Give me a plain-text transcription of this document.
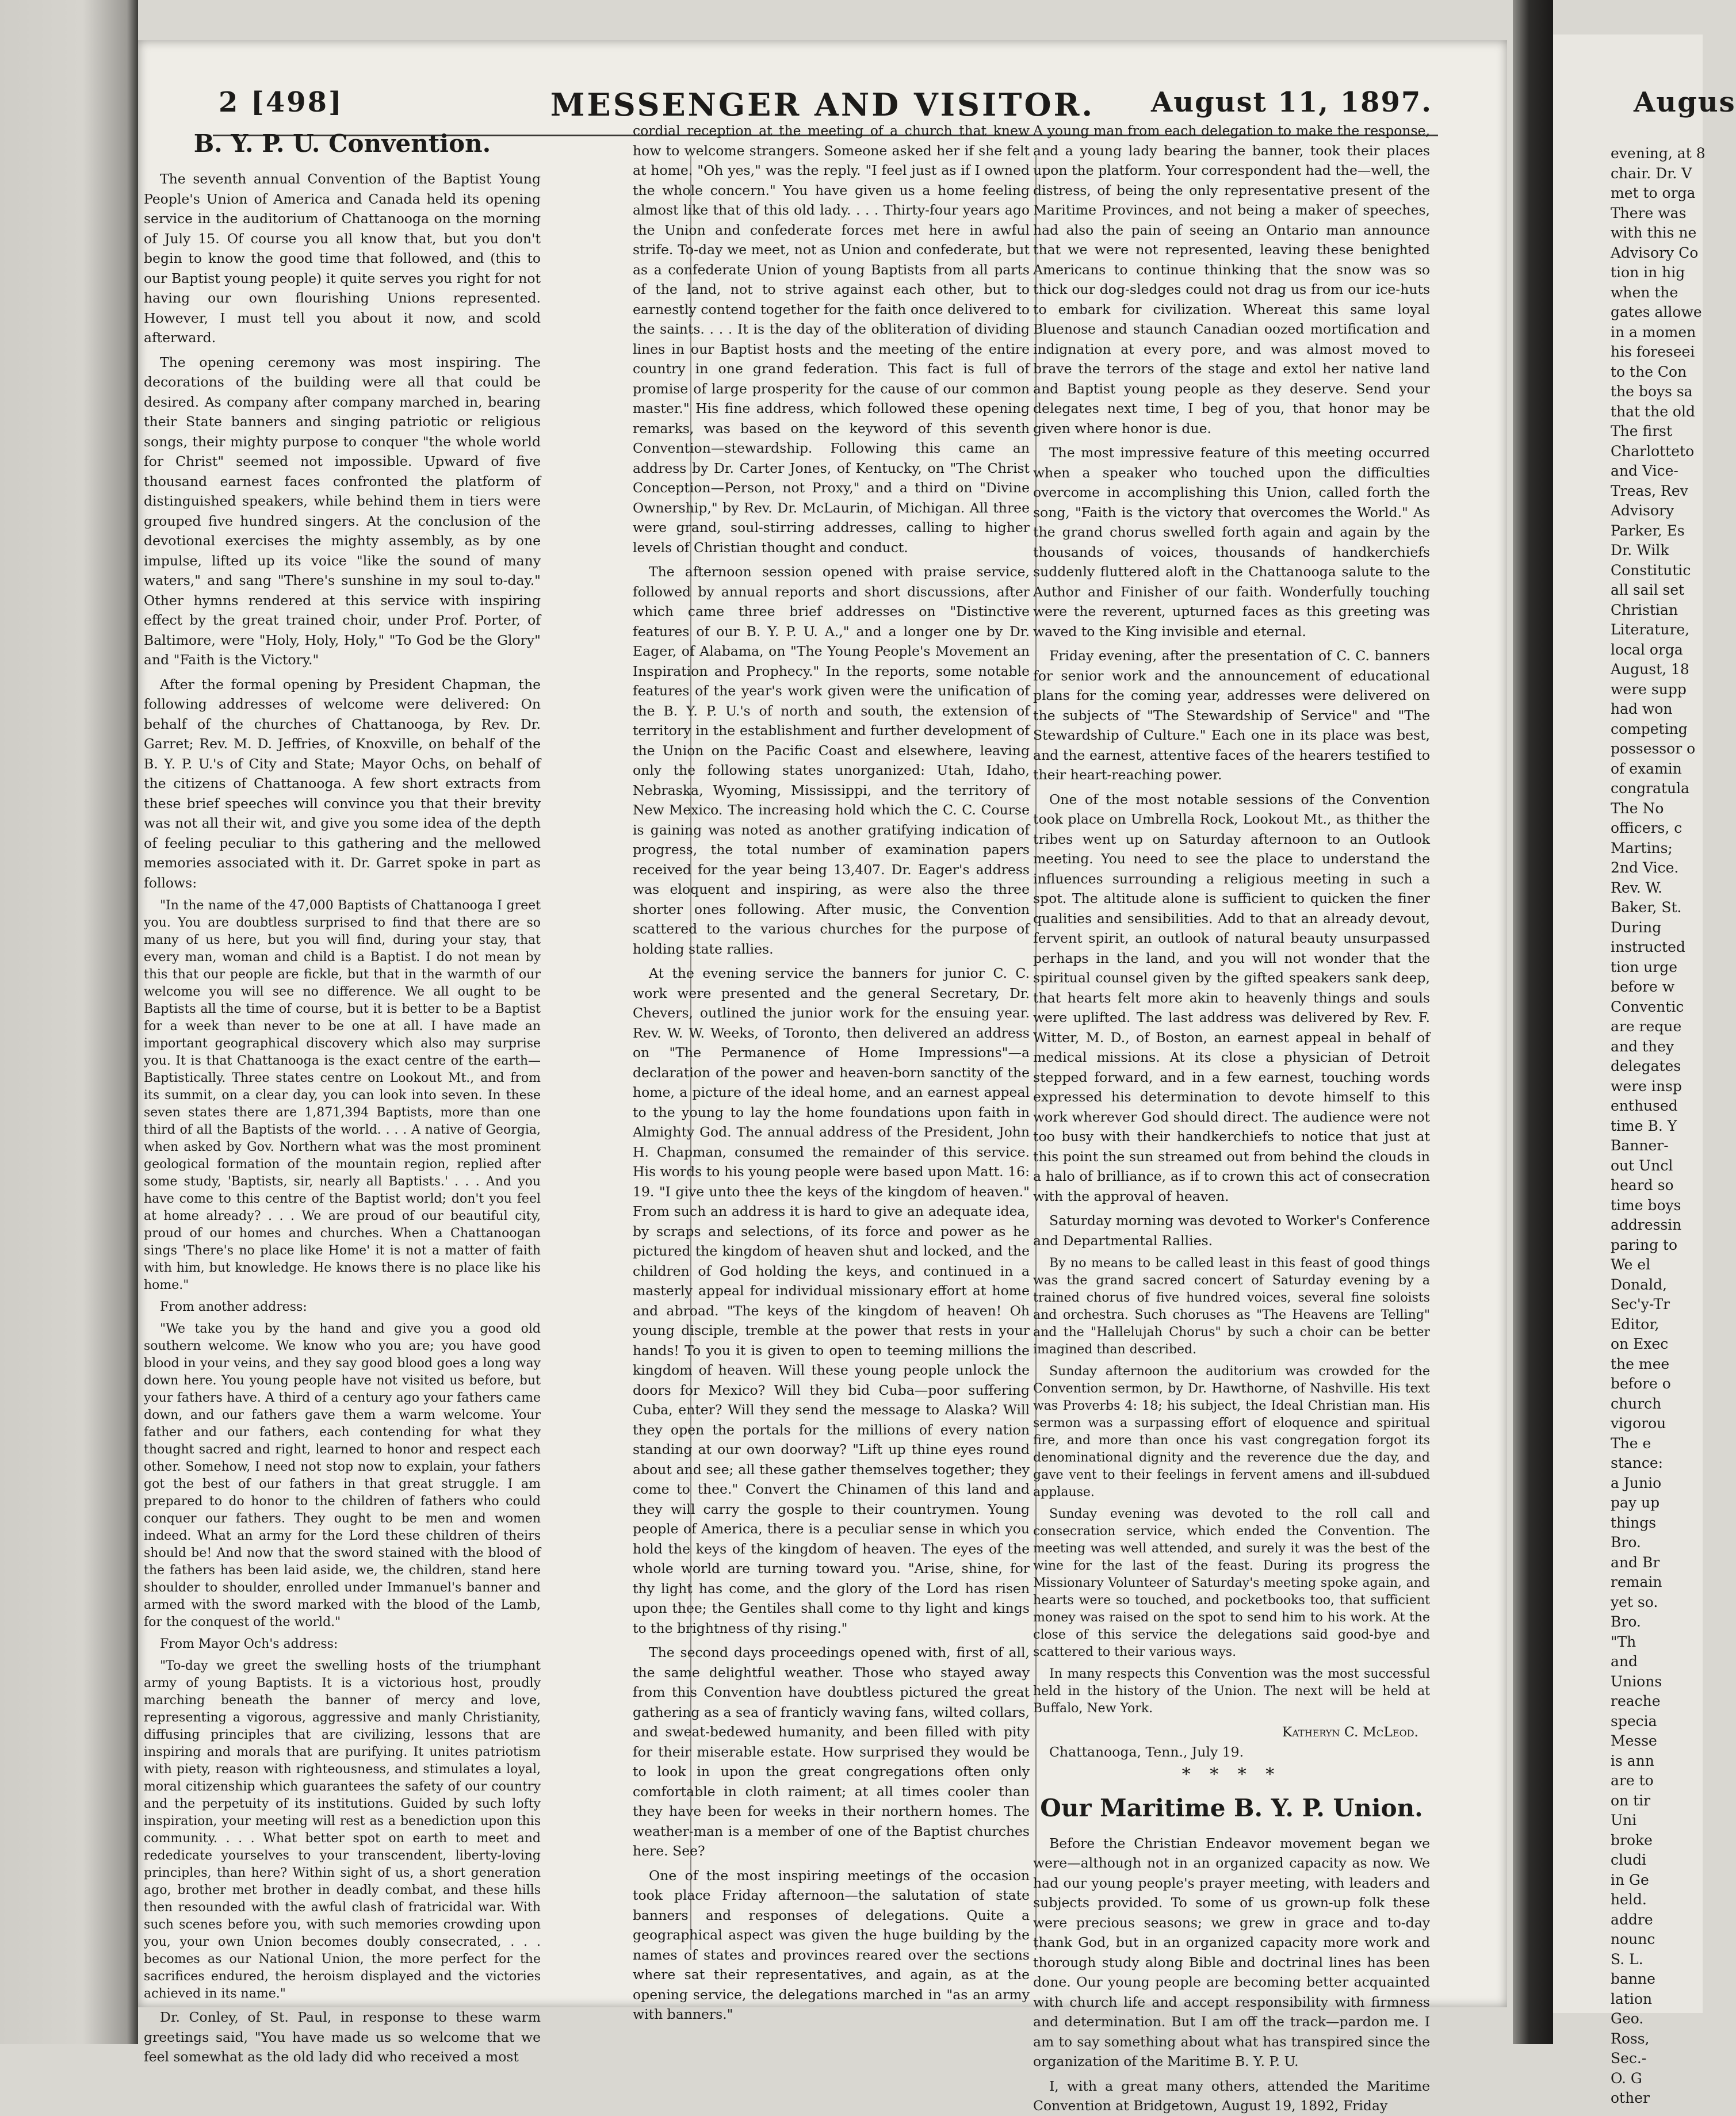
2 [498]	MESSENGER AND VISITOR.	August 11, 1897.
B. Y. P. U. Convention.

The seventh annual Convention of the Baptist Young People's Union of America and Canada held its opening service in the auditorium of Chattanooga on the morning of July 15. Of course you all know that, but you don't begin to know the good time that followed, and (this to our Baptist young people) it quite serves you right for not having our own flourishing Unions represented. However, I must tell you about it now, and scold afterward.

The opening ceremony was most inspiring. The decorations of the building were all that could be desired. As company after company marched in, bearing their State banners and singing patriotic or religious songs, their mighty purpose to conquer "the whole world for Christ" seemed not impossible. Upward of five thousand earnest faces confronted the platform of distinguished speakers, while behind them in tiers were grouped five hundred singers. At the conclusion of the devotional exercises the mighty assembly, as by one impulse, lifted up its voice "like the sound of many waters," and sang "There's sunshine in my soul to-day." Other hymns rendered at this service with inspiring effect by the great trained choir, under Prof. Porter, of Baltimore, were "Holy, Holy, Holy," "To God be the Glory" and "Faith is the Victory."

After the formal opening by President Chapman, the following addresses of welcome were delivered: On behalf of the churches of Chattanooga, by Rev. Dr. Garret; Rev. M. D. Jeffries, of Knoxville, on behalf of the B. Y. P. U.'s of City and State; Mayor Ochs, on behalf of the citizens of Chattanooga. A few short extracts from these brief speeches will convince you that their brevity was not all their wit, and give you some idea of the depth of feeling peculiar to this gathering and the mellowed memories associated with it. Dr. Garret spoke in part as follows:

"In the name of the 47,000 Baptists of Chattanooga I greet you. You are doubtless surprised to find that there are so many of us here, but you will find, during your stay, that every man, woman and child is a Baptist. I do not mean by this that our people are fickle, but that in the warmth of our welcome you will see no difference. We all ought to be Baptists all the time of course, but it is better to be a Baptist for a week than never to be one at all. I have made an important geographical discovery which also may surprise you. It is that Chattanooga is the exact centre of the earth—Baptistically. Three states centre on Lookout Mt., and from its summit, on a clear day, you can look into seven. In these seven states there are 1,871,394 Baptists, more than one third of all the Baptists of the world. . . . A native of Georgia, when asked by Gov. Northern what was the most prominent geological formation of the mountain region, replied after some study, 'Baptists, sir, nearly all Baptists.' . . . And you have come to this centre of the Baptist world; don't you feel at home already? . . . We are proud of our beautiful city, proud of our homes and churches. When a Chattanoogan sings 'There's no place like Home' it is not a matter of faith with him, but knowledge. He knows there is no place like his home."

From another address:

"We take you by the hand and give you a good old southern welcome. We know who you are; you have good blood in your veins, and they say good blood goes a long way down here. You young people have not visited us before, but your fathers have. A third of a century ago your fathers came down, and our fathers gave them a warm welcome. Your father and our fathers, each contending for what they thought sacred and right, learned to honor and respect each other. Somehow, I need not stop now to explain, your fathers got the best of our fathers in that great struggle. I am prepared to do honor to the children of fathers who could conquer our fathers. They ought to be men and women indeed. What an army for the Lord these children of theirs should be! And now that the sword stained with the blood of the fathers has been laid aside, we, the children, stand here shoulder to shoulder, enrolled under Immanuel's banner and armed with the sword marked with the blood of the Lamb, for the conquest of the world."

From Mayor Och's address:

"To-day we greet the swelling hosts of the triumphant army of young Baptists. It is a victorious host, proudly marching beneath the banner of mercy and love, representing a vigorous, aggressive and manly Christianity, diffusing principles that are civilizing, lessons that are inspiring and morals that are purifying. It unites patriotism with piety, reason with righteousness, and stimulates a loyal, moral citizenship which guarantees the safety of our country and the perpetuity of its institutions. Guided by such lofty inspiration, your meeting will rest as a benediction upon this community. . . . What better spot on earth to meet and rededicate yourselves to your transcendent, liberty-loving principles, than here? Within sight of us, a short generation ago, brother met brother in deadly combat, and these hills then resounded with the awful clash of fratricidal war. With such scenes before you, with such memories crowding upon you, your own Union becomes doubly consecrated, . . . becomes as our National Union, the more perfect for the sacrifices endured, the heroism displayed and the victories achieved in its name."

Dr. Conley, of St. Paul, in response to these warm greetings said, "You have made us so welcome that we feel somewhat as the old lady did who received a most

cordial reception at the meeting of a church that knew how to welcome strangers. Someone asked her if she felt at home. "Oh yes," was the reply. "I feel just as if I owned the whole concern." You have given us a home feeling almost like that of this old lady. . . . Thirty-four years ago the Union and confederate forces met here in awful strife. To-day we meet, not as Union and confederate, but as a confederate Union of young Baptists from all parts of the land, not to strive against each other, but to earnestly contend together for the faith once delivered to the saints. . . . It is the day of the obliteration of dividing lines in our Baptist hosts and the meeting of the entire country in one grand federation. This fact is full of promise of large prosperity for the cause of our common master." His fine address, which followed these opening remarks, was based on the keyword of this seventh Convention—stewardship. Following this came an address by Dr. Carter Jones, of Kentucky, on "The Christ Conception—Person, not Proxy," and a third on "Divine Ownership," by Rev. Dr. McLaurin, of Michigan. All three were grand, soul-stirring addresses, calling to higher levels of Christian thought and conduct.

The afternoon session opened with praise service, followed by annual reports and short discussions, after which came three brief addresses on "Distinctive features of our B. Y. P. U. A.," and a longer one by Dr. Eager, of Alabama, on "The Young People's Movement an Inspiration and Prophecy." In the reports, some notable features of the year's work given were the unification of the B. Y. P. U.'s of north and south, the extension of territory in the establishment and further development of the Union on the Pacific Coast and elsewhere, leaving only the following states unorganized: Utah, Idaho, Nebraska, Wyoming, Mississippi, and the territory of New Mexico. The increasing hold which the C. C. Course is gaining was noted as another gratifying indication of progress, the total number of examination papers received for the year being 13,407. Dr. Eager's address was eloquent and inspiring, as were also the three shorter ones following. After music, the Convention scattered to the various churches for the purpose of holding state rallies.

At the evening service the banners for junior C. C. work were presented and the general Secretary, Dr. Chevers, outlined the junior work for the ensuing year. Rev. W. W. Weeks, of Toronto, then delivered an address on "The Permanence of Home Impressions"—a declaration of the power and heaven-born sanctity of the home, a picture of the ideal home, and an earnest appeal to the young to lay the home foundations upon faith in Almighty God. The annual address of the President, John H. Chapman, consumed the remainder of this service. His words to his young people were based upon Matt. 16: 19. "I give unto thee the keys of the kingdom of heaven." From such an address it is hard to give an adequate idea, by scraps and selections, of its force and power as he pictured the kingdom of heaven shut and locked, and the children of God holding the keys, and continued in a masterly appeal for individual missionary effort at home and abroad. "The keys of the kingdom of heaven! Oh young disciple, tremble at the power that rests in your hands! To you it is given to open to teeming millions the kingdom of heaven. Will these young people unlock the doors for Mexico? Will they bid Cuba—poor suffering Cuba, enter? Will they send the message to Alaska? Will they open the portals for the millions of every nation standing at our own doorway? "Lift up thine eyes round about and see; all these gather themselves together; they come to thee." Convert the Chinamen of this land and they will carry the gosple to their countrymen. Young people of America, there is a peculiar sense in which you hold the keys of the kingdom of heaven. The eyes of the whole world are turning toward you. "Arise, shine, for thy light has come, and the glory of the Lord has risen upon thee; the Gentiles shall come to thy light and kings to the brightness of thy rising."

The second days proceedings opened with, first of all, the same delightful weather. Those who stayed away from this Convention have doubtless pictured the great gathering as a sea of franticly waving fans, wilted collars, and sweat-bedewed humanity, and been filled with pity for their miserable estate. How surprised they would be to look in upon the great congregations often only comfortable in cloth raiment; at all times cooler than they have been for weeks in their northern homes. The weather-man is a member of one of the Baptist churches here. See?

One of the most inspiring meetings of the occasion took place Friday afternoon—the salutation of state banners and responses of delegations. Quite a geographical aspect was given the huge building by the names of states and provinces reared over the sections where sat their representatives, and again, as at the opening service, the delegations marched in "as an army with banners."

A young man from each delegation to make the response, and a young lady bearing the banner, took their places upon the platform. Your correspondent had the—well, the distress, of being the only representative present of the Maritime Provinces, and not being a maker of speeches, had also the pain of seeing an Ontario man announce that we were not represented, leaving these benighted Americans to continue thinking that the snow was so thick our dog-sledges could not drag us from our ice-huts to embark for civilization. Whereat this same loyal Bluenose and staunch Canadian oozed mortification and indignation at every pore, and was almost moved to brave the terrors of the stage and extol her native land and Baptist young people as they deserve. Send your delegates next time, I beg of you, that honor may be given where honor is due.

The most impressive feature of this meeting occurred when a speaker who touched upon the difficulties overcome in accomplishing this Union, called forth the song, "Faith is the victory that overcomes the World." As the grand chorus swelled forth again and again by the thousands of voices, thousands of handkerchiefs suddenly fluttered aloft in the Chattanooga salute to the Author and Finisher of our faith. Wonderfully touching were the reverent, upturned faces as this greeting was waved to the King invisible and eternal.

Friday evening, after the presentation of C. C. banners for senior work and the announcement of educational plans for the coming year, addresses were delivered on the subjects of "The Stewardship of Service" and "The Stewardship of Culture." Each one in its place was best, and the earnest, attentive faces of the hearers testified to their heart-reaching power.

One of the most notable sessions of the Convention took place on Umbrella Rock, Lookout Mt., as thither the tribes went up on Saturday afternoon to an Outlook meeting. You need to see the place to understand the influences surrounding a religious meeting in such a spot. The altitude alone is sufficient to quicken the finer qualities and sensibilities. Add to that an already devout, fervent spirit, an outlook of natural beauty unsurpassed perhaps in the land, and you will not wonder that the spiritual counsel given by the gifted speakers sank deep, that hearts felt more akin to heavenly things and souls were uplifted. The last address was delivered by Rev. F. Witter, M. D., of Boston, an earnest appeal in behalf of medical missions. At its close a physician of Detroit stepped forward, and in a few earnest, touching words expressed his determination to devote himself to this work wherever God should direct. The audience were not too busy with their handkerchiefs to notice that just at this point the sun streamed out from behind the clouds in a halo of brilliance, as if to crown this act of consecration with the approval of heaven.

Saturday morning was devoted to Worker's Conference and Departmental Rallies.

By no means to be called least in this feast of good things was the grand sacred concert of Saturday evening by a trained chorus of five hundred voices, several fine soloists and orchestra. Such choruses as "The Heavens are Telling" and the "Hallelujah Chorus" by such a choir can be better imagined than described.

Sunday afternoon the auditorium was crowded for the Convention sermon, by Dr. Hawthorne, of Nashville. His text was Proverbs 4: 18; his subject, the Ideal Christian man. His sermon was a surpassing effort of eloquence and spiritual fire, and more than once his vast congregation forgot its denominational dignity and the reverence due the day, and gave vent to their feelings in fervent amens and ill-subdued applause.

Sunday evening was devoted to the roll call and consecration service, which ended the Convention. The meeting was well attended, and surely it was the best of the wine for the last of the feast. During its progress the Missionary Volunteer of Saturday's meeting spoke again, and hearts were so touched, and pocketbooks too, that sufficient money was raised on the spot to send him to his work. At the close of this service the delegations said good-bye and scattered to their various ways.

In many respects this Convention was the most successful held in the history of the Union. The next will be held at Buffalo, New York.

Katheryn C. McLeod.
Chattanooga, Tenn., July 19.
* * * *
Our Maritime B. Y. P. Union.

Before the Christian Endeavor movement began we were—although not in an organized capacity as now. We had our young people's prayer meeting, with leaders and subjects provided. To some of us grown-up folk these were precious seasons; we grew in grace and to-day thank God, but in an organized capacity more work and thorough study along Bible and doctrinal lines has been done. Our young people are becoming better acquainted with church life and accept responsibility with firmness and determination. But I am off the track—pardon me. I am to say something about what has transpired since the organization of the Maritime B. Y. P. U.

I, with a great many others, attended the Maritime Convention at Bridgetown, August 19, 1892, Friday

Augus
evening, at 8
chair. Dr. V
met to orga
There was
with this ne
Advisory Co
tion in hig
when the
gates allowe
in a momen
his foreseei
to the Con
the boys sa
that the old
The first
Charlotteto
and Vice-
Treas, Rev
Advisory
Parker, Es
Dr. Wilk
Constitutic
all sail set
Christian
Literature,
local orga
August, 18
were supp
had won
competing
possessor o
of examin
congratula
The No
officers, c
Martins;
2nd Vice.
Rev. W.
Baker, St.
During
instructed
tion urge
before w
Conventic
are reque
and they
delegates
were insp
enthused
time B. Y
Banner-
out Uncl
heard so
time boys
addressin
paring to
We el
Donald,
Sec'y-Tr
Editor,
on Exec
the mee
before o
church
vigorou
The e
stance:
a Junio
pay up
things
Bro.
and Br
remain
yet so.
Bro.
"Th
and
Unions
reache
specia
Messe
is ann
are to
on tir
Uni
broke
cludi
in Ge
held.
addre
nounc
S. L.
banne
lation
Geo.
Ross,
Sec.-
O. G
other
